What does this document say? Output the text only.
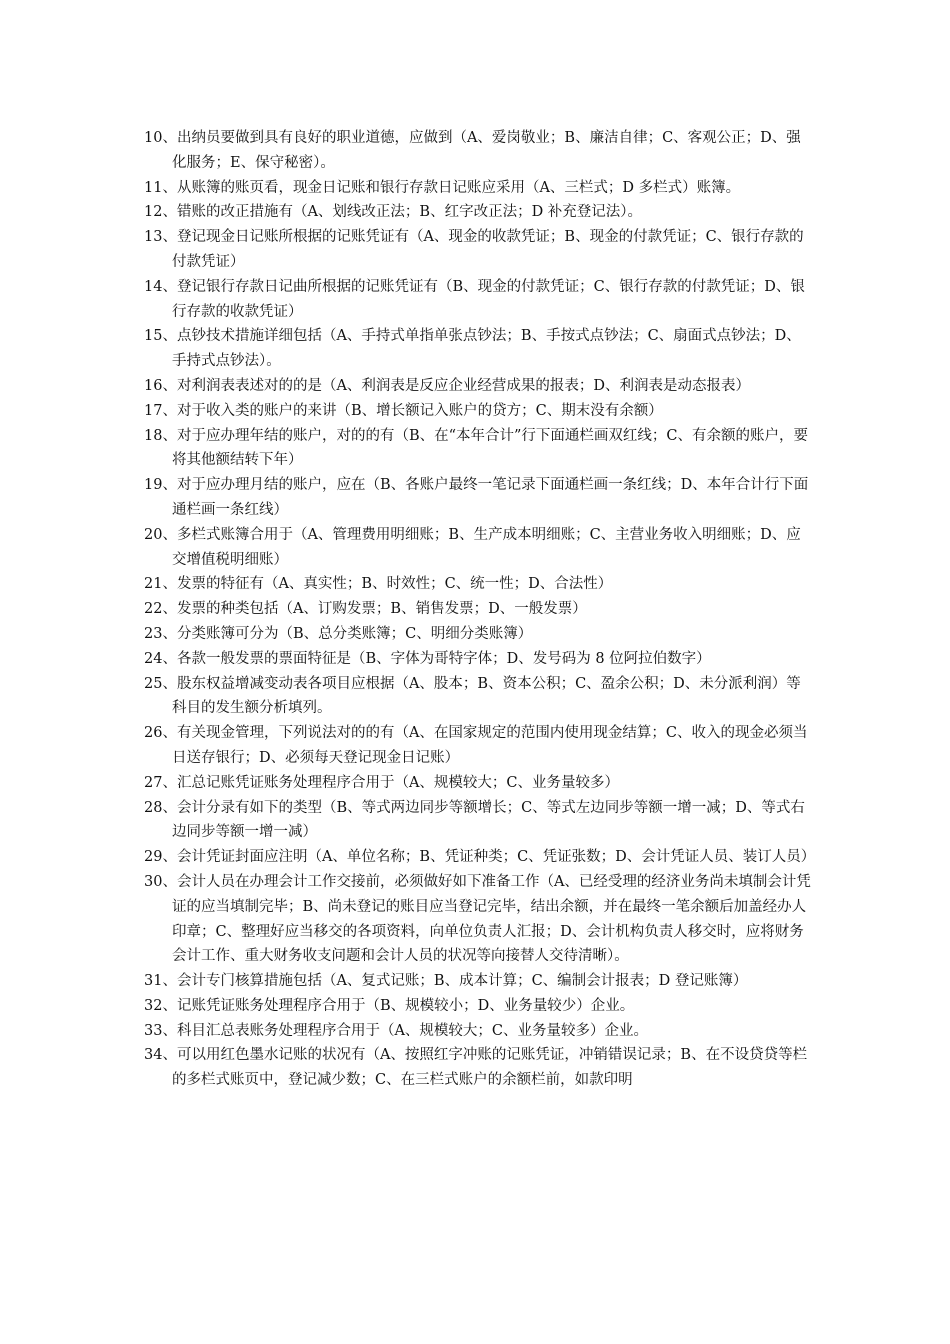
10、出纳员要做到具有良好的职业道德，应做到（A、爱岗敬业；B、廉洁自律；C、客观公正；D、强化服务；E、保守秘密）。

11、从账簿的账页看，现金日记账和银行存款日记账应采用（A、三栏式；D 多栏式）账簿。

12、错账的改正措施有（A、划线改正法；B、红字改正法；D 补充登记法）。

13、登记现金日记账所根据的记账凭证有（A、现金的收款凭证；B、现金的付款凭证；C、银行存款的付款凭证）

14、登记银行存款日记曲所根据的记账凭证有（B、现金的付款凭证；C、银行存款的付款凭证；D、银行存款的收款凭证）

15、点钞技术措施详细包括（A、手持式单指单张点钞法；B、手按式点钞法；C、扇面式点钞法；D、手持式点钞法）。

16、对利润表表述对的的是（A、利润表是反应企业经营成果的报表；D、利润表是动态报表）

17、对于收入类的账户的来讲（B、增长额记入账户的贷方；C、期末没有余额）

18、对于应办理年结的账户，对的的有（B、在“本年合计”行下面通栏画双红线；C、有余额的账户，要将其他额结转下年）

19、对于应办理月结的账户，应在（B、各账户最终一笔记录下面通栏画一条红线；D、本年合计行下面通栏画一条红线）

20、多栏式账簿合用于（A、管理费用明细账；B、生产成本明细账；C、主营业务收入明细账；D、应交增值税明细账）

21、发票的特征有（A、真实性；B、时效性；C、统一性；D、合法性）

22、发票的种类包括（A、订购发票；B、销售发票；D、一般发票）

23、分类账簿可分为（B、总分类账簿；C、明细分类账簿）

24、各款一般发票的票面特征是（B、字体为哥特字体；D、发号码为 8 位阿拉伯数字）

25、股东权益增减变动表各项目应根据（A、股本；B、资本公积；C、盈余公积；D、未分派利润）等科目的发生额分析填列。

26、有关现金管理，下列说法对的的有（A、在国家规定的范围内使用现金结算；C、收入的现金必须当日送存银行；D、必须每天登记现金日记账）

27、汇总记账凭证账务处理程序合用于（A、规模较大；C、业务量较多）

28、会计分录有如下的类型（B、等式两边同步等额增长；C、等式左边同步等额一增一减；D、等式右边同步等额一增一减）

29、会计凭证封面应注明（A、单位名称；B、凭证种类；C、凭证张数；D、会计凭证人员、装订人员）

30、会计人员在办理会计工作交接前，必须做好如下准备工作（A、已经受理的经济业务尚未填制会计凭证的应当填制完毕；B、尚未登记的账目应当登记完毕，结出余额，并在最终一笔余额后加盖经办人印章；C、整理好应当移交的各项资料，向单位负责人汇报；D、会计机构负责人移交时，应将财务会计工作、重大财务收支问题和会计人员的状况等向接替人交待清晰）。

31、会计专门核算措施包括（A、复式记账；B、成本计算；C、编制会计报表；D 登记账簿）

32、记账凭证账务处理程序合用于（B、规模较小；D、业务量较少）企业。

33、科目汇总表账务处理程序合用于（A、规模较大；C、业务量较多）企业。

34、可以用红色墨水记账的状况有（A、按照红字冲账的记账凭证，冲销错误记录；B、在不设贷贷等栏的多栏式账页中，登记减少数；C、在三栏式账户的余额栏前，如款印明
